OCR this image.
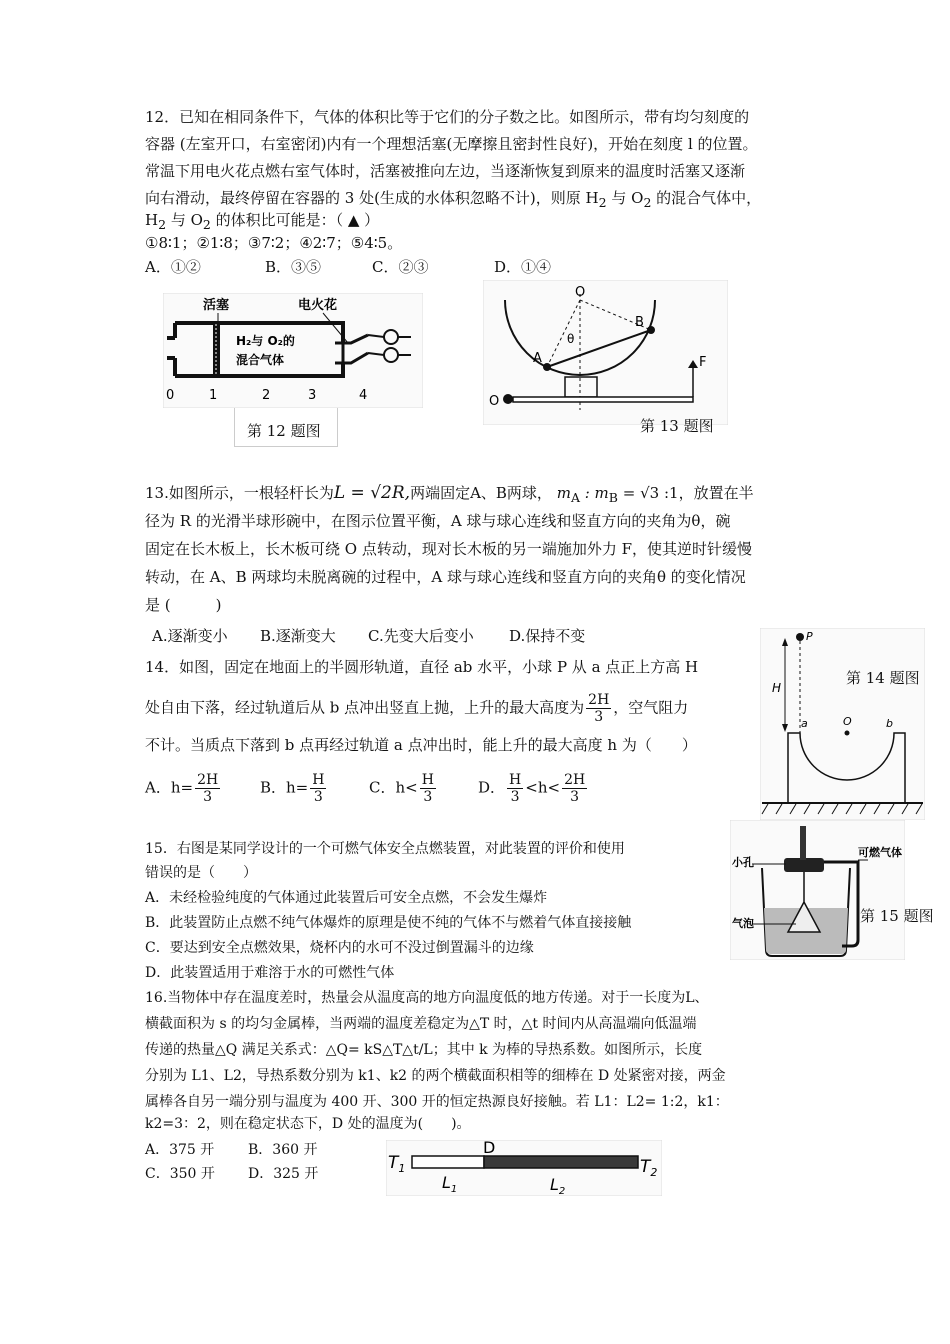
12．已知在相同条件下，气体的体积比等于它们的分子数之比。如图所示，带有均匀刻度的
容器 (左室开口，右室密闭)内有一个理想活塞(无摩擦且密封性良好)，开始在刻度 l 的位置。
常温下用电火花点燃右室气体时，活塞被推向左边，当逐渐恢复到原来的温度时活塞又逐渐
向右滑动，最终停留在容器的 3 处(生成的水体积忽略不计)，则原 $H_2$ 与 $O_2$ 的混合气体中，
$H_2$ 与 $O_2$ 的体积比可能是：（ ▲ ）
①8∶1；②1∶8；③7∶2；④2∶7；⑤4∶5。
A．①②	B．③⑤	C．②③	D．①④
活塞	电火花
H₂与 O₂的
混合气体
0	1	2	3	4
第 12 题图
O
B
A
θ
O
F
第 13 题图
13.如图所示，一根轻杆长为L = √2R,两端固定A、B两球， $m_A$ : $m_B = √3$ :1，放置在半
径为 R 的光滑半球形碗中，在图示位置平衡，A 球与球心连线和竖直方向的夹角为θ，碗
固定在长木板上，长木板可绕 O 点转动，现对长木板的另一端施加外力 F，使其逆时针缓慢
转动，在 A、B 两球均未脱离碗的过程中，A 球与球心连线和竖直方向的夹角θ 的变化情况
是 (　　　)
A.逐渐变小 B.逐渐变大 C.先变大后变小 D.保持不变
14．如图，固定在地面上的半圆形轨道，直径 ab 水平，小球 P 从 a 点正上方高 H
处自由下落，经过轨道后从 b 点冲出竖直上抛，上升的最大高度为 $\frac{2H}{3}$ ，空气阻力
不计。当质点下落到 b 点再经过轨道 a 点冲出时，能上升的最大高度 h 为（　　）
A．$h= \frac{2H}{3}$	B．$h= \frac{H}{3}$	C．$h< \frac{H}{3}$	D． $\frac{H}{3} <h< \frac{2H}{3}$
P
H
a	O	b
第 14 题图
15．右图是某同学设计的一个可燃气体安全点燃装置，对此装置的评价和使用
错误的是（　　）
A．未经检验纯度的气体通过此装置后可安全点燃，不会发生爆炸
B．此装置防止点燃不纯气体爆炸的原理是使不纯的气体不与燃着气体直接接触
C．要达到安全点燃效果，烧杯内的水可不没过倒置漏斗的边缘
D．此装置适用于难溶于水的可燃性气体
小孔
可燃气体
气泡	第 15 题图
16.当物体中存在温度差时，热量会从温度高的地方向温度低的地方传递。对于一长度为L、
横截面积为 s 的均匀金属棒，当两端的温度差稳定为△T 时，△t 时间内从高温端向低温端
传递的热量△Q 满足关系式：△Q= kS△T△t/L；其中 k 为棒的导热系数。如图所示，长度
分别为 L1、L2，导热系数分别为 k1、k2 的两个横截面积相等的细棒在 D 处紧密对接，两金
属棒各自另一端分别与温度为 400 开、300 开的恒定热源良好接触。若 L1：L2= 1:2，k1：
k2=3：2，则在稳定状态下，D 处的温度为(　　)。
A．375 开 B．360 开
C．350 开 D．325 开
$T_1$
D
$T_2$
$L_1$	$L_2$
